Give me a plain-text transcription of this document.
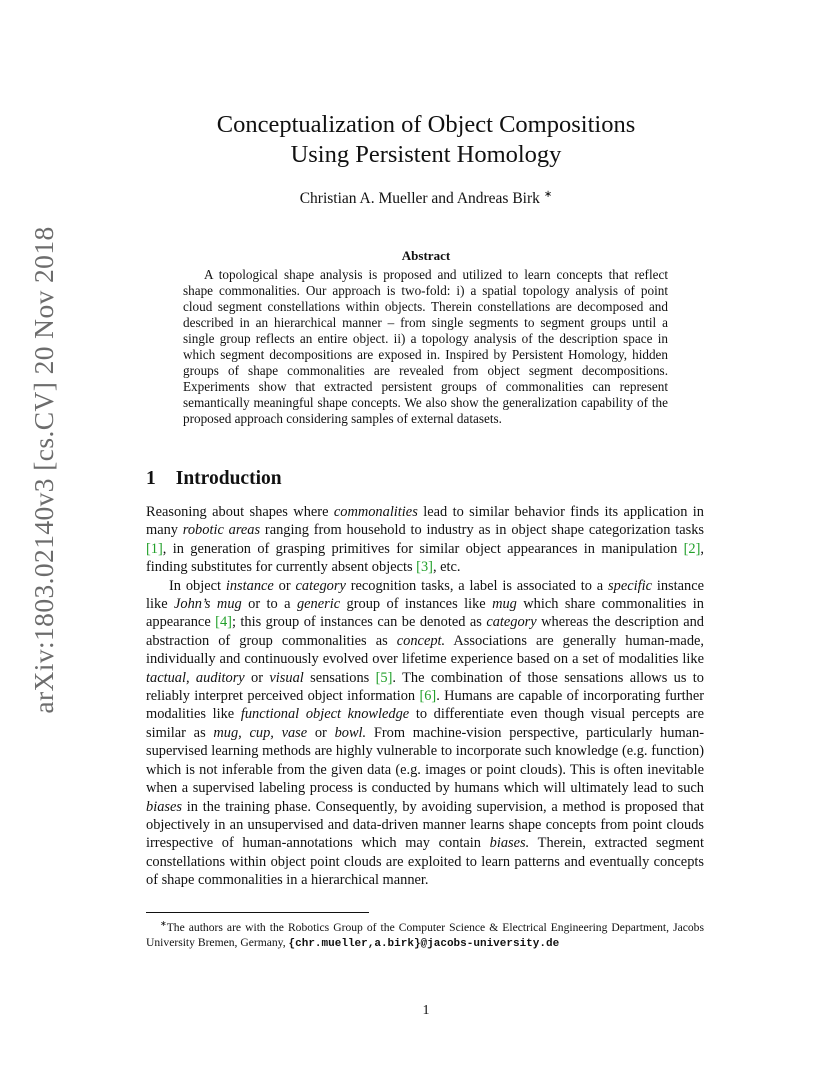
arXiv:1803.02140v3 [cs.CV] 20 Nov 2018
Conceptualization of Object Compositions
Using Persistent Homology
Christian A. Mueller and Andreas Birk ∗
Abstract

A topological shape analysis is proposed and utilized to learn concepts that reflect shape commonalities. Our approach is two-fold: i) a spatial topology analysis of point cloud segment constellations within objects. Therein constellations are decomposed and described in an hierarchical manner – from single segments to segment groups until a single group reflects an entire object. ii) a topology analysis of the description space in which segment decompositions are exposed in. Inspired by Persistent Homology, hidden groups of shape commonalities are revealed from object segment decompositions. Experiments show that extracted persistent groups of commonalities can represent semantically meaningful shape concepts. We also show the generalization capability of the proposed approach considering samples of external datasets.

1 Introduction

Reasoning about shapes where commonalities lead to similar behavior finds its application in many robotic areas ranging from household to industry as in object shape categorization tasks [1], in generation of grasping primitives for similar object appearances in manipulation [2], finding substitutes for currently absent objects [3], etc.

In object instance or category recognition tasks, a label is associated to a specific instance like John’s mug or to a generic group of instances like mug which share commonalities in appearance [4]; this group of instances can be denoted as category whereas the description and abstraction of group commonalities as concept. Associations are generally human-made, individually and continuously evolved over lifetime experience based on a set of modalities like tactual, auditory or visual sensations [5]. The combination of those sensations allows us to reliably interpret perceived object information [6]. Humans are capable of incorporating further modalities like functional object knowledge to differentiate even though visual percepts are similar as mug, cup, vase or bowl. From machine-vision perspective, particularly human-supervised learning methods are highly vulnerable to incorporate such knowledge (e.g. function) which is not inferable from the given data (e.g. images or point clouds). This is often inevitable when a supervised labeling process is conducted by humans which will ultimately lead to such biases in the training phase. Consequently, by avoiding supervision, a method is proposed that objectively in an unsupervised and data-driven manner learns shape concepts from point clouds irrespective of human-annotations which may contain biases. Therein, extracted segment constellations within object point clouds are exploited to learn patterns and eventually concepts of shape commonalities in a hierarchical manner.

∗The authors are with the Robotics Group of the Computer Science & Electrical Engineering Department, Jacobs University Bremen, Germany, {chr.mueller,a.birk}@jacobs-university.de

1
